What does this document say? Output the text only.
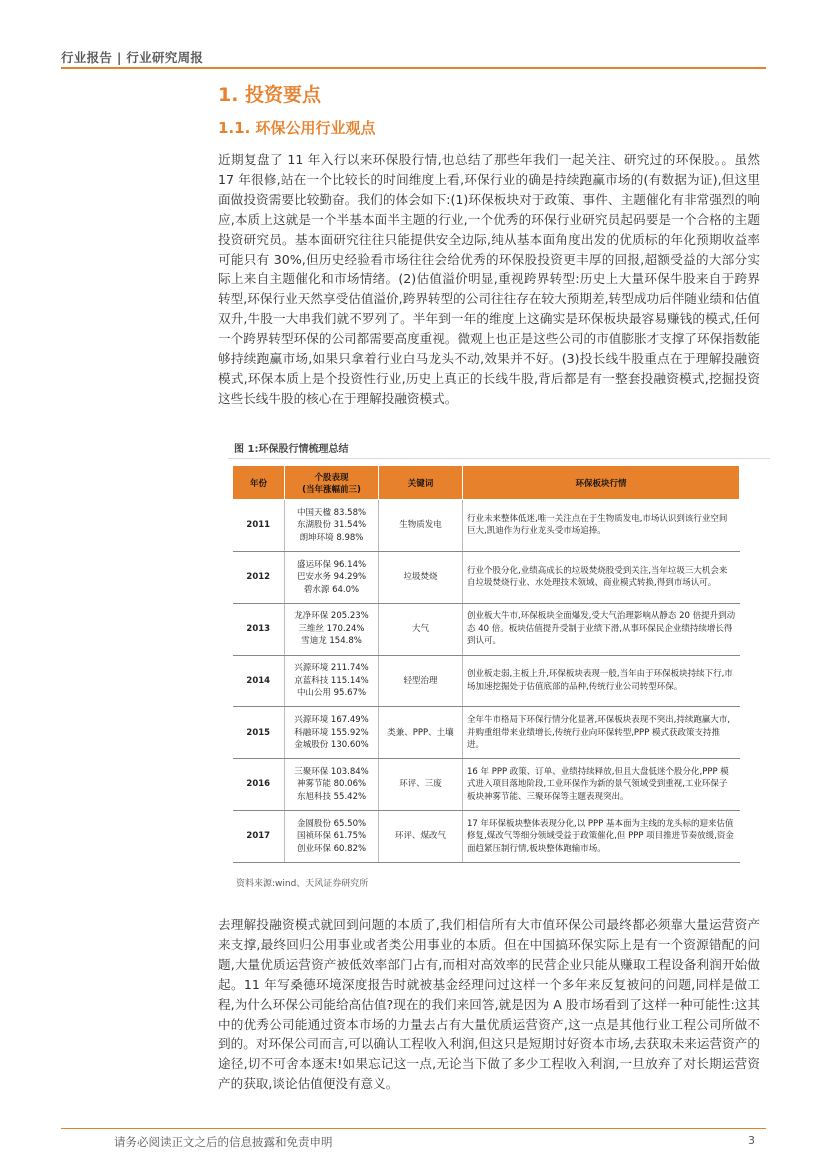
行业报告 | 行业研究周报
1. 投资要点
1.1. 环保公用行业观点
近期复盘了 11 年入行以来环保股行情,也总结了那些年我们一起关注、研究过的环保股。。虽然 17 年很修,站在一个比较长的时间维度上看,环保行业的确是持续跑赢市场的(有数据为证),但这里面做投资需要比较勤奋。我们的体会如下:(1)环保板块对于政策、事件、主题催化有非常强烈的响应,本质上这就是一个半基本面半主题的行业,一个优秀的环保行业研究员起码要是一个合格的主题投资研究员。基本面研究往往只能提供安全边际,纯从基本面角度出发的优质标的年化预期收益率可能只有 30%,但历史经验看市场往往会给优秀的环保股投资更丰厚的回报,超额受益的大部分实际上来自主题催化和市场情绪。(2)估值溢价明显,重视跨界转型:历史上大量环保牛股来自于跨界转型,环保行业天然享受估值溢价,跨界转型的公司往往存在较大预期差,转型成功后伴随业绩和估值双升,牛股一大串我们就不罗列了。半年到一年的维度上这确实是环保板块最容易赚钱的模式,任何一个跨界转型环保的公司都需要高度重视。微观上也正是这些公司的市值膨胀才支撑了环保指数能够持续跑赢市场,如果只拿着行业白马龙头不动,效果并不好。(3)投长线牛股重点在于理解投融资模式,环保本质上是个投资性行业,历史上真正的长线牛股,背后都是有一整套投融资模式,挖掘投资这些长线牛股的核心在于理解投融资模式。
图 1:环保股行情梳理总结
年份	个股表现
(当年涨幅前三)	关键词	环保板块行情
2011	中国天楹 83.58%
东湖股份 31.54%
朗坤环境 8.98%	生物质发电	行业未来整体低迷,唯一关注点在于生物质发电,市场认识到该行业空间巨大,凯迪作为行业龙头受市场追捧。
2012	盛运环保 96.14%
巴安水务 94.29%
碧水源 64.0%	垃圾焚烧	行业个股分化,业绩高成长的垃圾焚烧股受到关注,当年垃圾三大机会来自垃圾焚烧行业、水处理技术领域、商业模式转换,得到市场认可。
2013	龙净环保 205.23%
三维丝 170.24%
雪迪龙 154.8%	大气	创业板大牛市,环保板块全面爆发,受大气治理影响从静态 20 倍提升到动态 40 倍。板块估值提升受制于业绩下滑,从事环保民企业绩持续增长得到认可。
2014	兴源环境 211.74%
京蓝科技 115.14%
中山公用 95.67%	轻型治理	创业板走弱,主板上升,环保板块表现一般,当年由于环保板块持续下行,市场加速挖掘处于估值底部的品种,传统行业公司转型环保。
2015	兴源环境 167.49%
科融环境 155.92%
金城股份 130.60%	类兼、PPP、土壤	全年牛市格局下环保行情分化显著,环保板块表现不突出,持续跑赢大市,并购重组带来业绩增长,传统行业向环保转型,PPP 模式获政策支持推进。
2016	三聚环保 103.84%
神雾节能 80.06%
东旭科技 55.42%	环评、三废	16 年 PPP 政策、订单、业绩持续释放,但且大盘低迷个股分化,PPP 模式进入项目落地阶段,工业环保作为新的景气领域受到重视,工业环保子板块神雾节能、三聚环保等主题表现突出。
2017	金圆股份 65.50%
国祯环保 61.75%
创业环保 60.82%	环评、煤改气	17 年环保板块整体表现分化,以 PPP 基本面为主线的龙头标的迎来估值修复,煤改气等细分领域受益于政策催化,但 PPP 项目推进节奏放缓,资金面趋紧压制行情,板块整体跑输市场。
资料来源:wind、天风证券研究所
去理解投融资模式就回到问题的本质了,我们相信所有大市值环保公司最终都必须靠大量运营资产来支撑,最终回归公用事业或者类公用事业的本质。但在中国搞环保实际上是有一个资源错配的问题,大量优质运营资产被低效率部门占有,而相对高效率的民营企业只能从赚取工程设备利润开始做起。11 年写桑德环境深度报告时就被基金经理问过这样一个多年来反复被问的问题,同样是做工程,为什么环保公司能给高估值?现在的我们来回答,就是因为 A 股市场看到了这样一种可能性:这其中的优秀公司能通过资本市场的力量去占有大量优质运营资产,这一点是其他行业工程公司所做不到的。对环保公司而言,可以确认工程收入利润,但这只是短期讨好资本市场,去获取未来运营资产的途径,切不可舍本逐末!如果忘记这一点,无论当下做了多少工程收入利润,一旦放弃了对长期运营资产的获取,谈论估值便没有意义。
请务必阅读正文之后的信息披露和免责申明	3
